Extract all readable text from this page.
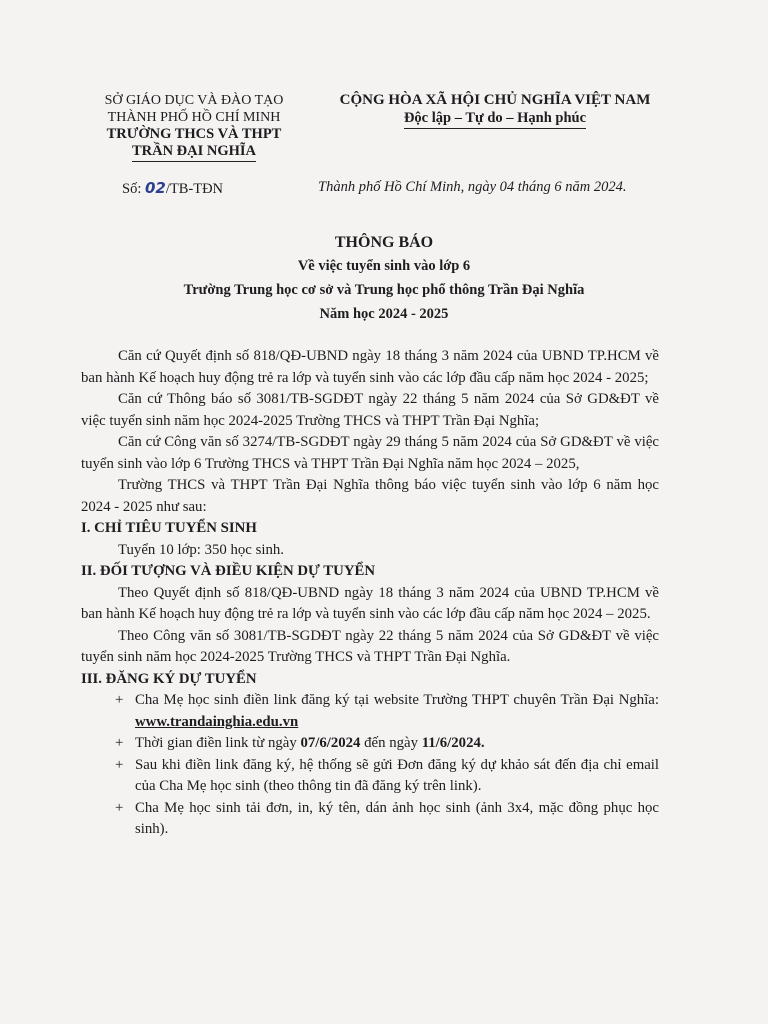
SỞ GIÁO DỤC VÀ ĐÀO TẠO
THÀNH PHỐ HỒ CHÍ MINH
TRƯỜNG THCS VÀ THPT
TRẦN ĐẠI NGHĨA
CỘNG HÒA XÃ HỘI CHỦ NGHĨA VIỆT NAM
Độc lập – Tự do – Hạnh phúc
Số: 02/TB-TĐN	Thành phố Hồ Chí Minh, ngày 04 tháng 6 năm 2024.
THÔNG BÁO
Về việc tuyển sinh vào lớp 6
Trường Trung học cơ sở và Trung học phổ thông Trần Đại Nghĩa
Năm học 2024 - 2025

Căn cứ Quyết định số 818/QĐ-UBND ngày 18 tháng 3 năm 2024 của UBND TP.HCM về ban hành Kế hoạch huy động trẻ ra lớp và tuyển sinh vào các lớp đầu cấp năm học 2024 - 2025;

Căn cứ Thông báo số 3081/TB-SGDĐT ngày 22 tháng 5 năm 2024 của Sở GD&ĐT về việc tuyển sinh năm học 2024-2025 Trường THCS và THPT Trần Đại Nghĩa;

Căn cứ Công văn số 3274/TB-SGDĐT ngày 29 tháng 5 năm 2024 của Sở GD&ĐT về việc tuyển sinh vào lớp 6 Trường THCS và THPT Trần Đại Nghĩa năm học 2024 – 2025,

Trường THCS và THPT Trần Đại Nghĩa thông báo việc tuyển sinh vào lớp 6 năm học 2024 - 2025 như sau:

I. CHỈ TIÊU TUYỂN SINH

Tuyển 10 lớp: 350 học sinh.

II. ĐỐI TƯỢNG VÀ ĐIỀU KIỆN DỰ TUYỂN

Theo Quyết định số 818/QĐ-UBND ngày 18 tháng 3 năm 2024 của UBND TP.HCM về ban hành Kế hoạch huy động trẻ ra lớp và tuyển sinh vào các lớp đầu cấp năm học 2024 – 2025.

Theo Công văn số 3081/TB-SGDĐT ngày 22 tháng 5 năm 2024 của Sở GD&ĐT về việc tuyển sinh năm học 2024-2025 Trường THCS và THPT Trần Đại Nghĩa.

III. ĐĂNG KÝ DỰ TUYỂN

+ Cha Mẹ học sinh điền link đăng ký tại website Trường THPT chuyên Trần Đại Nghĩa: www.trandainghia.edu.vn
+ Thời gian điền link từ ngày 07/6/2024 đến ngày 11/6/2024.
+ Sau khi điền link đăng ký, hệ thống sẽ gửi Đơn đăng ký dự khảo sát đến địa chỉ email của Cha Mẹ học sinh (theo thông tin đã đăng ký trên link).
+ Cha Mẹ học sinh tải đơn, in, ký tên, dán ảnh học sinh (ảnh 3x4, mặc đồng phục học sinh).
